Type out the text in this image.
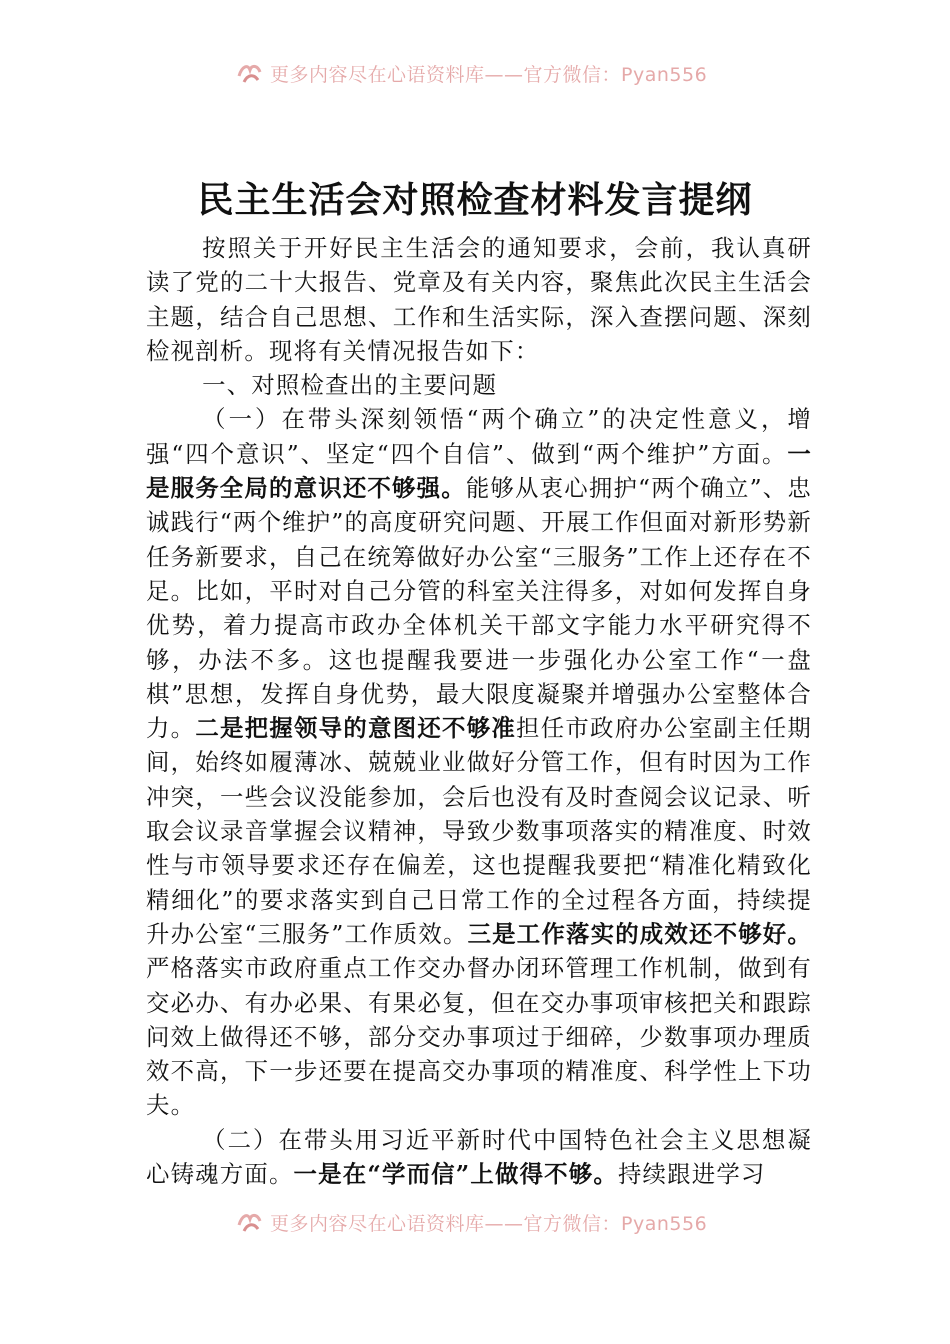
更多内容尽在心语资料库——官方微信：Pyan556
民主生活会对照检查材料发言提纲

按照关于开好民主生活会的通知要求，会前，我认真研读了党的二十大报告、党章及有关内容，聚焦此次民主生活会主题，结合自己思想、工作和生活实际，深入查摆问题、深刻检视剖析。现将有关情况报告如下：

一、对照检查出的主要问题

（一）在带头深刻领悟“两个确立”的决定性意义，增强“四个意识”、坚定“四个自信”、做到“两个维护”方面。一是服务全局的意识还不够强。能够从衷心拥护“两个确立”、忠诚践行“两个维护”的高度研究问题、开展工作但面对新形势新任务新要求，自己在统筹做好办公室“三服务”工作上还存在不足。比如，平时对自己分管的科室关注得多，对如何发挥自身优势，着力提高市政办全体机关干部文字能力水平研究得不够，办法不多。这也提醒我要进一步强化办公室工作“一盘棋”思想，发挥自身优势，最大限度凝聚并增强办公室整体合力。二是把握领导的意图还不够准担任市政府办公室副主任期间，始终如履薄冰、兢兢业业做好分管工作，但有时因为工作冲突，一些会议没能参加，会后也没有及时查阅会议记录、听取会议录音掌握会议精神，导致少数事项落实的精准度、时效性与市领导要求还存在偏差，这也提醒我要把“精准化精致化精细化”的要求落实到自己日常工作的全过程各方面，持续提升办公室“三服务”工作质效。三是工作落实的成效还不够好。严格落实市政府重点工作交办督办闭环管理工作机制，做到有交必办、有办必果、有果必复，但在交办事项审核把关和跟踪问效上做得还不够，部分交办事项过于细碎，少数事项办理质效不高，下一步还要在提高交办事项的精准度、科学性上下功夫。

（二）在带头用习近平新时代中国特色社会主义思想凝心铸魂方面。一是在“学而信”上做得不够。持续跟进学习

更多内容尽在心语资料库——官方微信：Pyan556
